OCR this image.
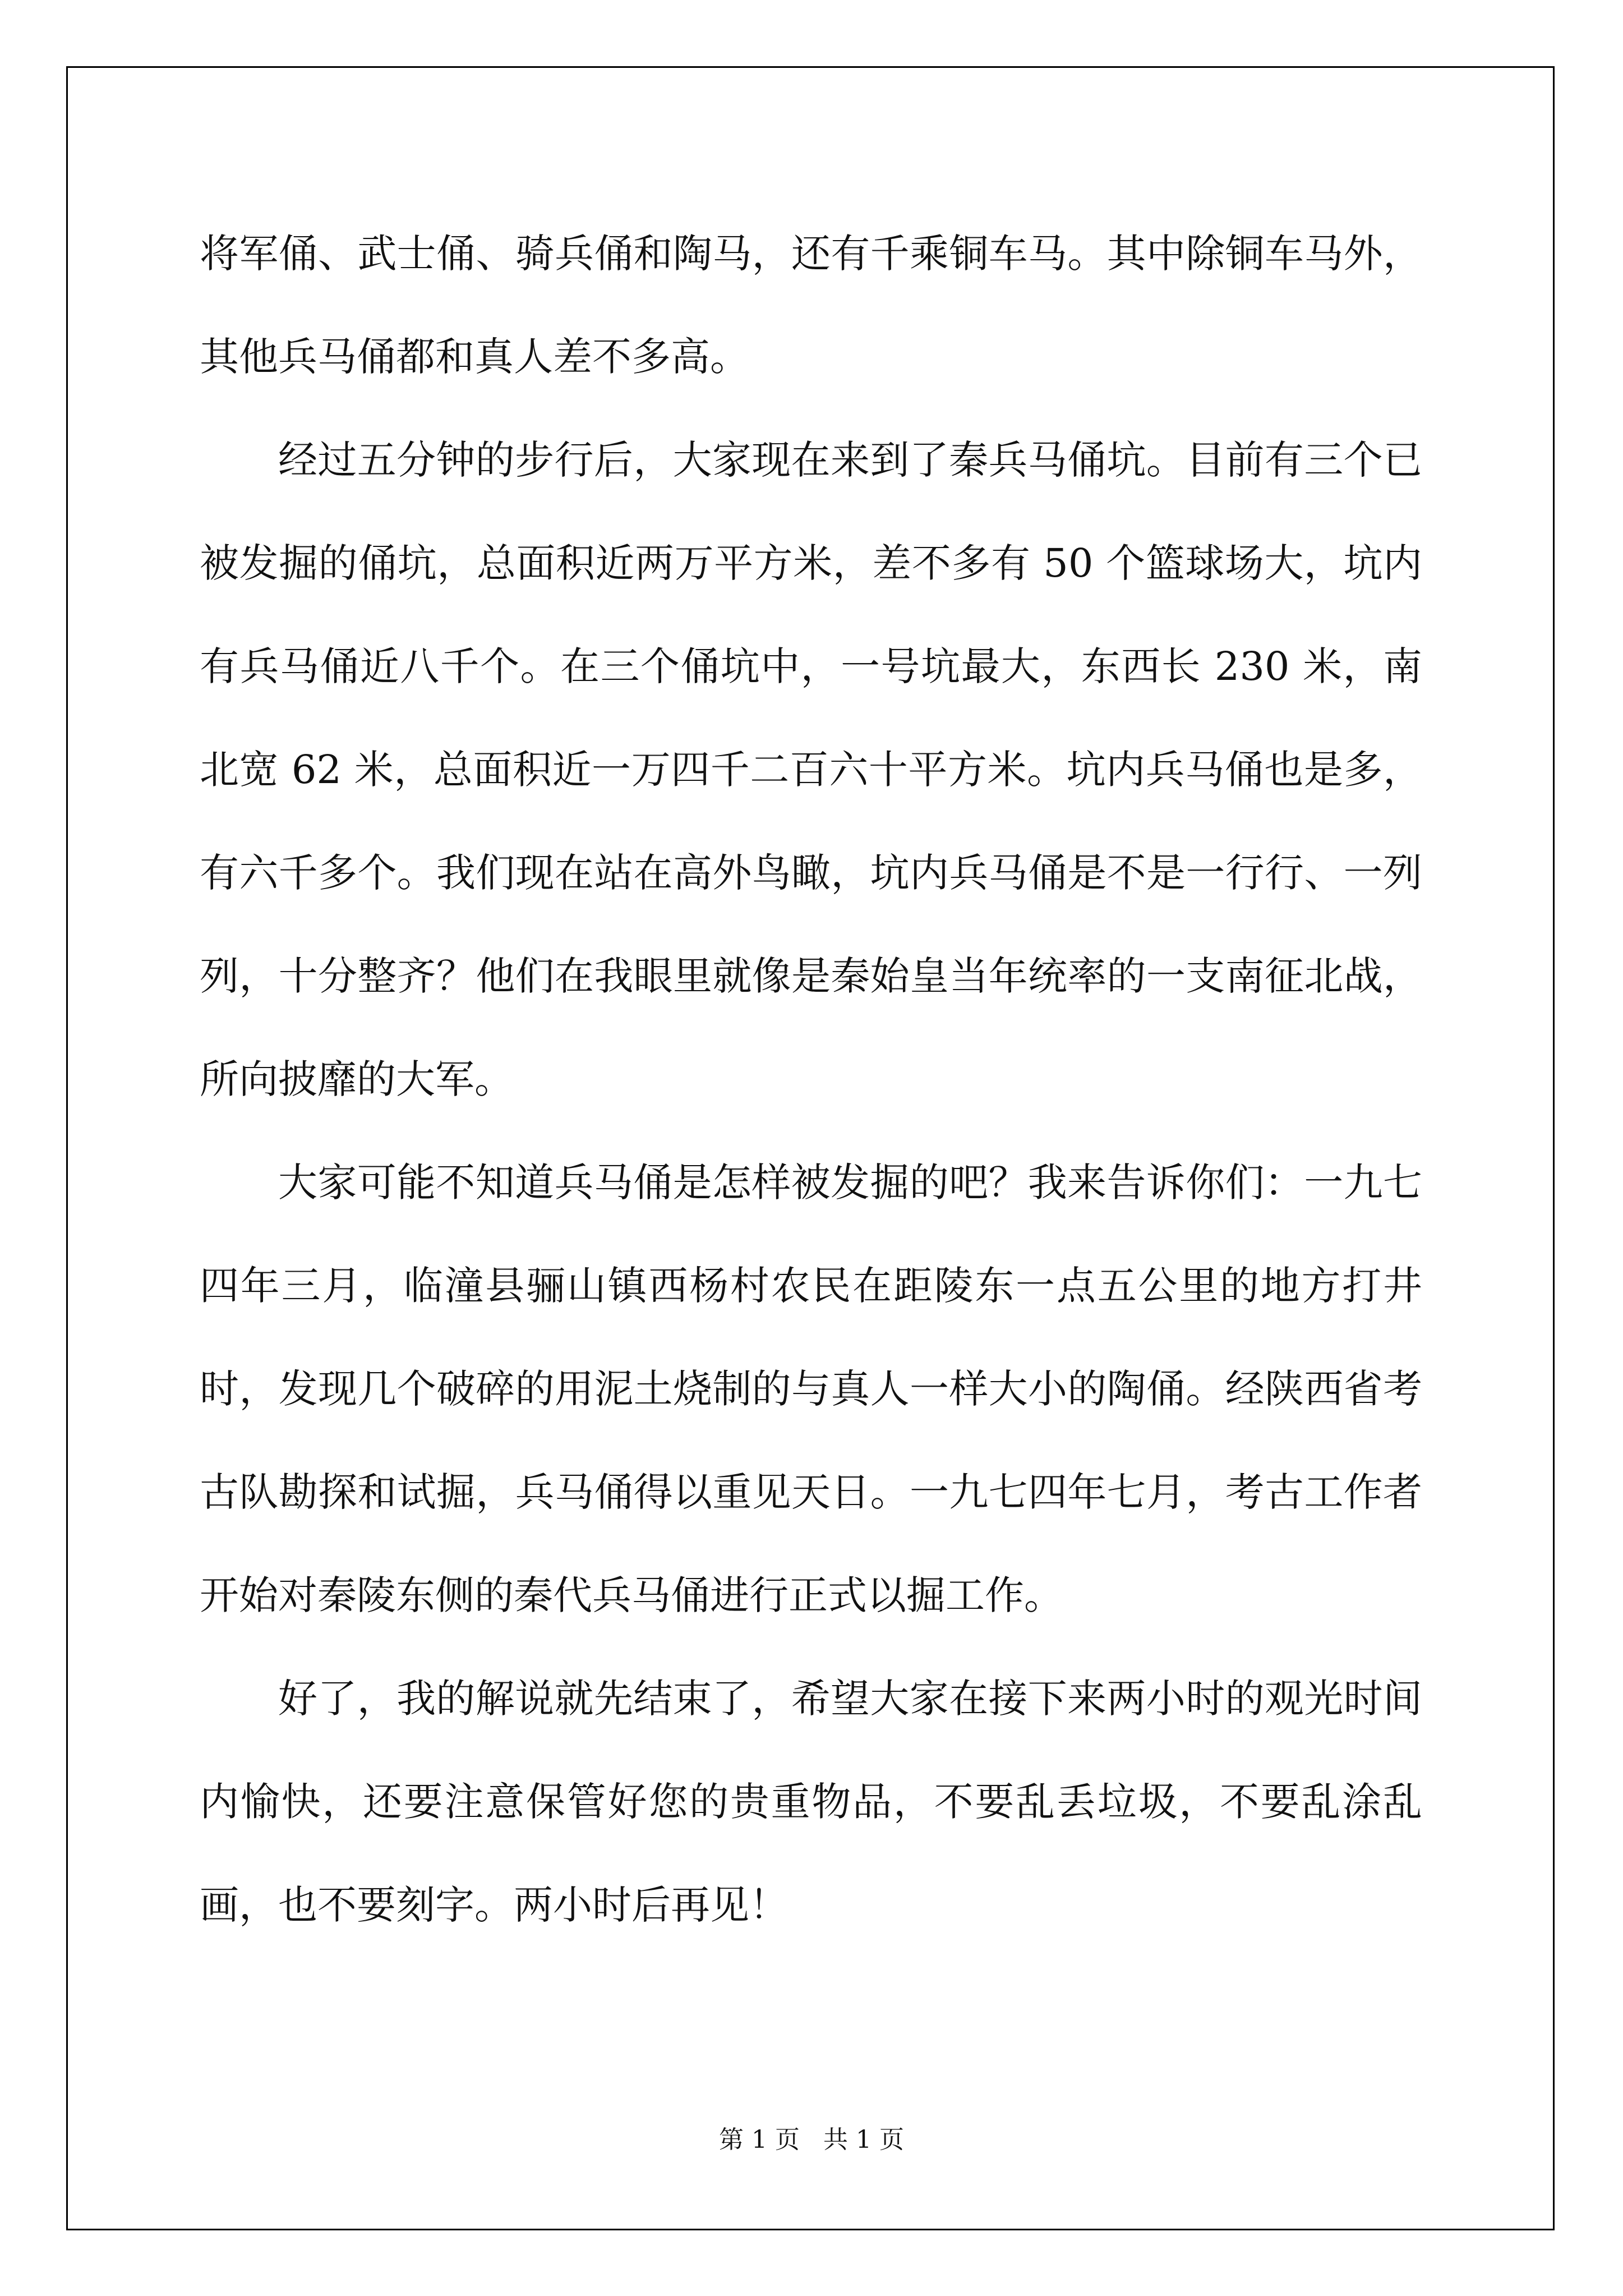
将军俑、武士俑、骑兵俑和陶马，还有千乘铜车马。其中除铜车马外，其他兵马俑都和真人差不多高。

经过五分钟的步行后，大家现在来到了秦兵马俑坑。目前有三个已被发掘的俑坑，总面积近两万平方米，差不多有 50 个篮球场大，坑内有兵马俑近八千个。在三个俑坑中，一号坑最大，东西长 230 米，南北宽 62 米，总面积近一万四千二百六十平方米。坑内兵马俑也是多，有六千多个。我们现在站在高外鸟瞰，坑内兵马俑是不是一行行、一列列，十分整齐？他们在我眼里就像是秦始皇当年统率的一支南征北战，所向披靡的大军。

大家可能不知道兵马俑是怎样被发掘的吧？我来告诉你们：一九七四年三月，临潼县骊山镇西杨村农民在距陵东一点五公里的地方打井时，发现几个破碎的用泥土烧制的与真人一样大小的陶俑。经陕西省考古队勘探和试掘，兵马俑得以重见天日。一九七四年七月，考古工作者开始对秦陵东侧的秦代兵马俑进行正式以掘工作。

好了，我的解说就先结束了，希望大家在接下来两小时的观光时间内愉快，还要注意保管好您的贵重物品，不要乱丢垃圾，不要乱涂乱画，也不要刻字。两小时后再见！

第 1 页   共 1 页
